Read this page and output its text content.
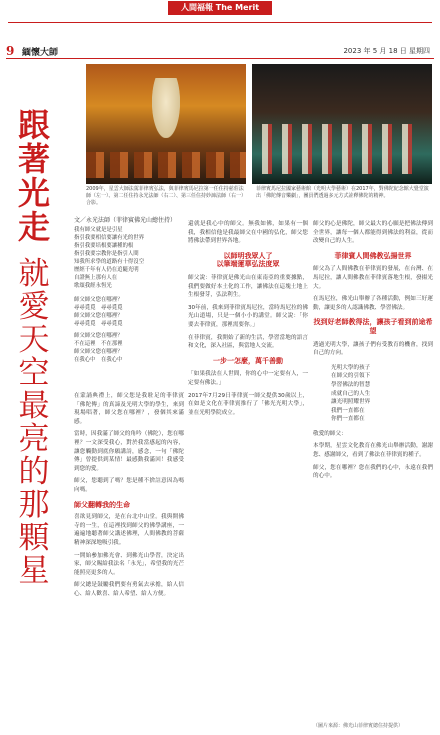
人間福報 The Merit
9 緬懷大師	2023 年 5 月 18 日 星期四
2009年，星雲大師法駕菲律賓弘法，與菲律賓馬尼拉第一任住持慈莊法師（左一）、第二任住持永光法師（右二）、第三任住持妙諦法師（右一）合影。
菲律賓馬尼拉國家藝術館（光明大學藝術）在2017年，對佛陀紀念館大覺堂演出「佛陀傳音樂劇」，團員們透過多元方式詮釋佛陀的精神。
跟著光走
就愛天空最亮的那顆星
文／永光法師（菲律賓佛光山總住持）
我有師父就是是引星
指引我要相信要讓有光的世界
指引我要培根要讓種的根
指引我要宗教你是指引人間
知我所求學的道路有十得沒空
歷經千年有人仍在追隨光明
自證無上那有人在
歌頌我經永恆光
師父師父您在哪裡？
尋尋覓覓　尋尋覓覓
師父師父您在哪裡？
尋尋覓覓　尋尋覓覓
師父師父您在哪裡？
不在這裡　不在那裡
師父師父您在哪裡？
在我心中　在我心中

在蒙誦典禮上，師父您是我駐足的菲律賓「佛陀傳」的真諦及光明大學的學生，來到現場唱著，師父您在哪裡？，發個其來滿感。

當時，因我滿了師父的角吟（佛陀），您在哪裡？一文深受我心，對於我當感起的內容，讓您觸動到底你願講詩，感念，一句「佛陀傳」曾提供到某情！最感動我滿回！我感受到您的愛。

師父，您聽到了嗎？您是種不捨註意因為嗎向嗎。

師父翻轉我的生命

喜欲見到師父，是在台北中山堂。我與開佛寺的一生，在這裡找到師父的佛學講座，一遍遍地聽著師父講述佛理，人間佛教的菩薩精神深深地吸引我。

一開始參加佛光會、到佛光山學習，決定出家，師父賜給我法名「永光」，希望我的光芒能照亮更多的人。

師父總是鼓勵我們要有勇氣去承擔，給人信心、給人歡喜、給人希望、給人方便。

還就是我心中的師父。無我如佛，如果有一個我，我相信他是我最師父在中國的弘化，師父您將佛法帶到世界各地。

以師明我眾人了
以筆端蓮華弘法度眾

師父說：菲律賓是佛光山在東南亞的重要據點，我們要做好本土化的工作，讓佛法在這塊土地上生根發芽，弘法利生。

30年前，我來到菲律賓馬尼拉，當時馬尼拉的佛光山道場，只是一個小小的講堂。師父說：「你要去菲律賓，那裡需要你。」

在菲律賓，我開始了新的生活，學習當地的語言和文化，深入社區，與當地人交流。

一步一怎麼，萬千善動

「如果我法在人世間，你的心中一定要有人，一定要有佛法。」

2017年7月29日菲律賓一師父提供30歲以上，在如是文化在菲律賓推行了「佛光光明大學」，並在光明學院成立。

師父的心是佛陀，師父最大的心願是把佛法傳到全世界，讓每一個人都能得到佛法的利益，從而改變自己的人生。

菲律賓人間佛教弘揚世界

師父為了人間佛教在菲律賓的發展，在台灣、在馬尼拉，讓人間佛教在菲律賓落地生根，發揚光大。

在馬尼拉，佛光山舉辦了各種活動，例如三好運動，讓更多的人認識佛教、學習佛法。

找到好老師教得法，讓孩子看到前途希望

透過光明大學，讓孩子們有受教育的機會，找到自己的方向。

光明大學的孩子
在師父的引領下
學習佛法的智慧
成就自己的人生
讓光明照耀世界
我們一直都在
你們一直都在

敬愛的師父：

本學期，星雲文化教育在佛光山舉辦活動，謝謝您、感謝師父，看到了佛法在菲律賓的種子。

師父，您在哪裡？您在我們的心中，永遠在我們的心中。

（圖片來源：佛光山菲律賓總住持提供）
